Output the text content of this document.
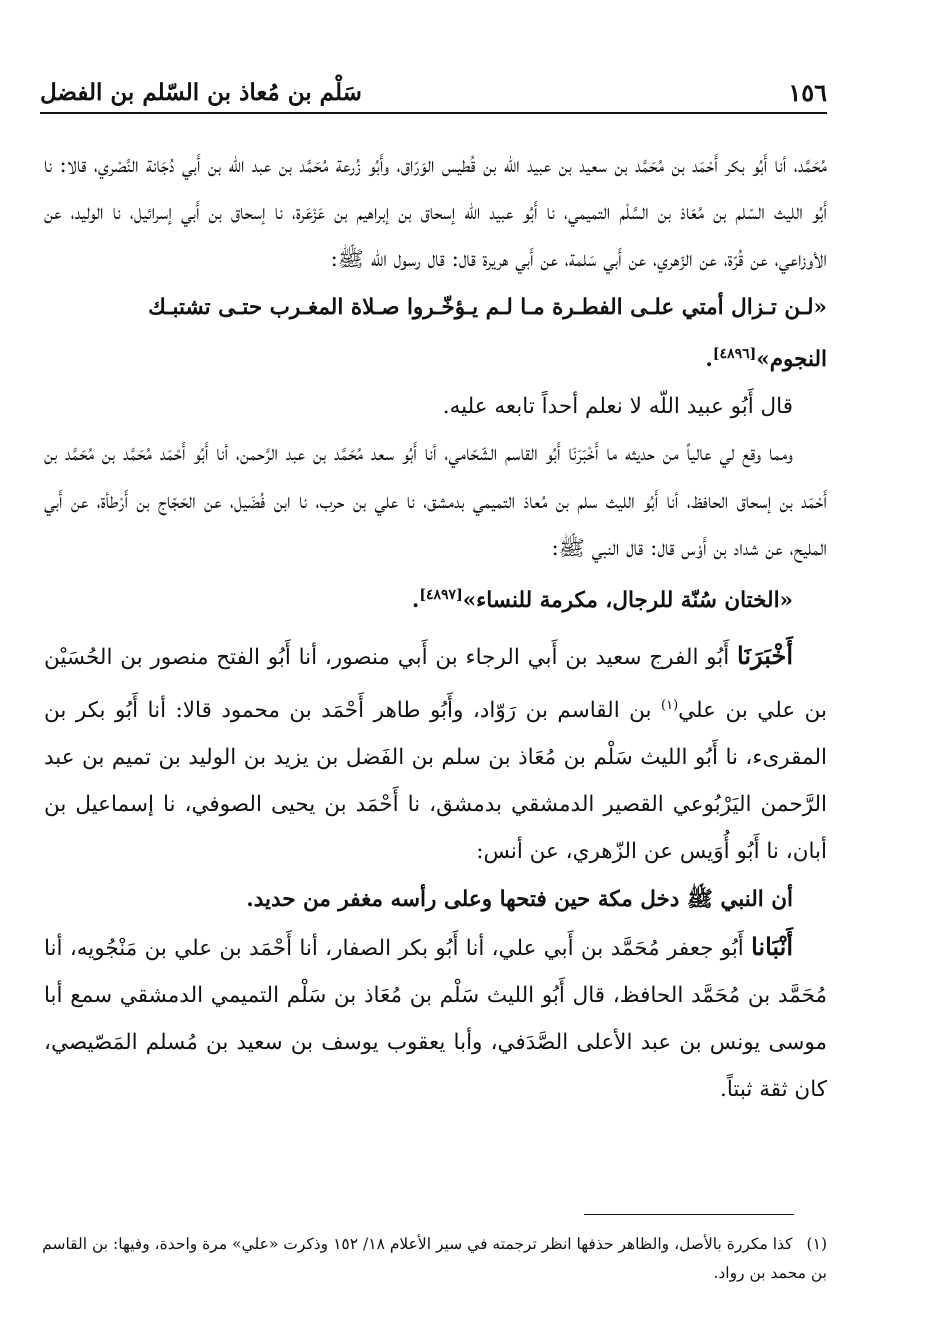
١٥٦
سَلْم بن مُعاذ بن السّلم بن الفضل

مُحَمَّد، أنا أَبُو بكر أَحْمَد بن مُحَمَّد بن سعيد بن عبيد اللّه بن قُطيس الوَرّاق، وأَبُو زُرعة مُحَمَّد بن عبد اللّه بن أَبي دُجَانة النَّصْري، قالا: نا أَبُو الليث السّلم بن مُعَاذ بن السَّلْم التميمي، نا أَبُو عبيد اللّه إسحاق بن إبراهيم بن عَزْعَرة، نا إسحاق بن أَبي إسرائيل، نا الوليد، عن الأوزاعي، عن قُرّة، عن الزّهري، عن أَبي سَلمة، عن أَبي هريرة قال: قال رسول الله ﷺ:

«لـن تـزال أمتي علـى الفطـرة مـا لـم يـؤخّـروا صـلاة المغـرب حتـى تشتبـك النجوم»[٤٨٩٦].

قال أَبُو عبيد اللّه لا نعلم أحداً تابعه عليه.

ومما وقع لي عالياً من حديثه ما أَخْبَرَنَا أَبُو القاسم الشّحّامي، أنا أَبُو سعد مُحَمَّد بن عبد الرَّحمن، أنا أَبُو أَحْمَد مُحَمَّد بن مُحَمَّد بن أَحْمَد بن إسحاق الحافظ، أنا أَبُو الليث سلم بن مُعاذ التميمي بدمشق، نا علي بن حرب، نا ابن فُضَيل، عن الحَجّاج بن أَرْطأة، عن أَبي المليح، عن شداد بن أَوْس قال: قال النبي ﷺ:

«الختان سُنّة للرجال، مكرمة للنساء»[٤٨٩٧].

أَخْبَرَنَا أَبُو الفرج سعيد بن أَبي الرجاء بن أَبي منصور، أنا أَبُو الفتح منصور بن الحُسَيْن بن علي بن علي$^{(١)}$ بن القاسم بن رَوّاد، وأَبُو طاهر أَحْمَد بن محمود قالا: أنا أَبُو بكر بن المقرىء، نا أَبُو الليث سَلْم بن مُعَاذ بن سلم بن الفَضل بن يزيد بن الوليد بن تميم بن عبد الرَّحمن اليَرْبُوعي القصير الدمشقي بدمشق، نا أَحْمَد بن يحيى الصوفي، نا إسماعيل بن أبان، نا أَبُو أُوَيس عن الزّهري، عن أنس:

أن النبي ﷺ دخل مكة حين فتحها وعلى رأسه مغفر من حديد.

أَنْبَانا أَبُو جعفر مُحَمَّد بن أَبي علي، أنا أَبُو بكر الصفار، أنا أَحْمَد بن علي بن مَنْجُويه، أنا مُحَمَّد بن مُحَمَّد الحافظ، قال أَبُو الليث سَلْم بن مُعَاذ بن سَلْم التميمي الدمشقي سمع أبا موسى يونس بن عبد الأعلى الصَّدَفي، وأبا يعقوب يوسف بن سعيد بن مُسلم المَصّيصي، كان ثقة ثبتاً.

(١)كذا مكررة بالأصل، والظاهر حذفها انظر ترجمته في سير الأعلام ١٨/ ١٥٢ وذكرت «علي» مرة واحدة، وفيها: بن القاسم بن محمد بن رواد.
